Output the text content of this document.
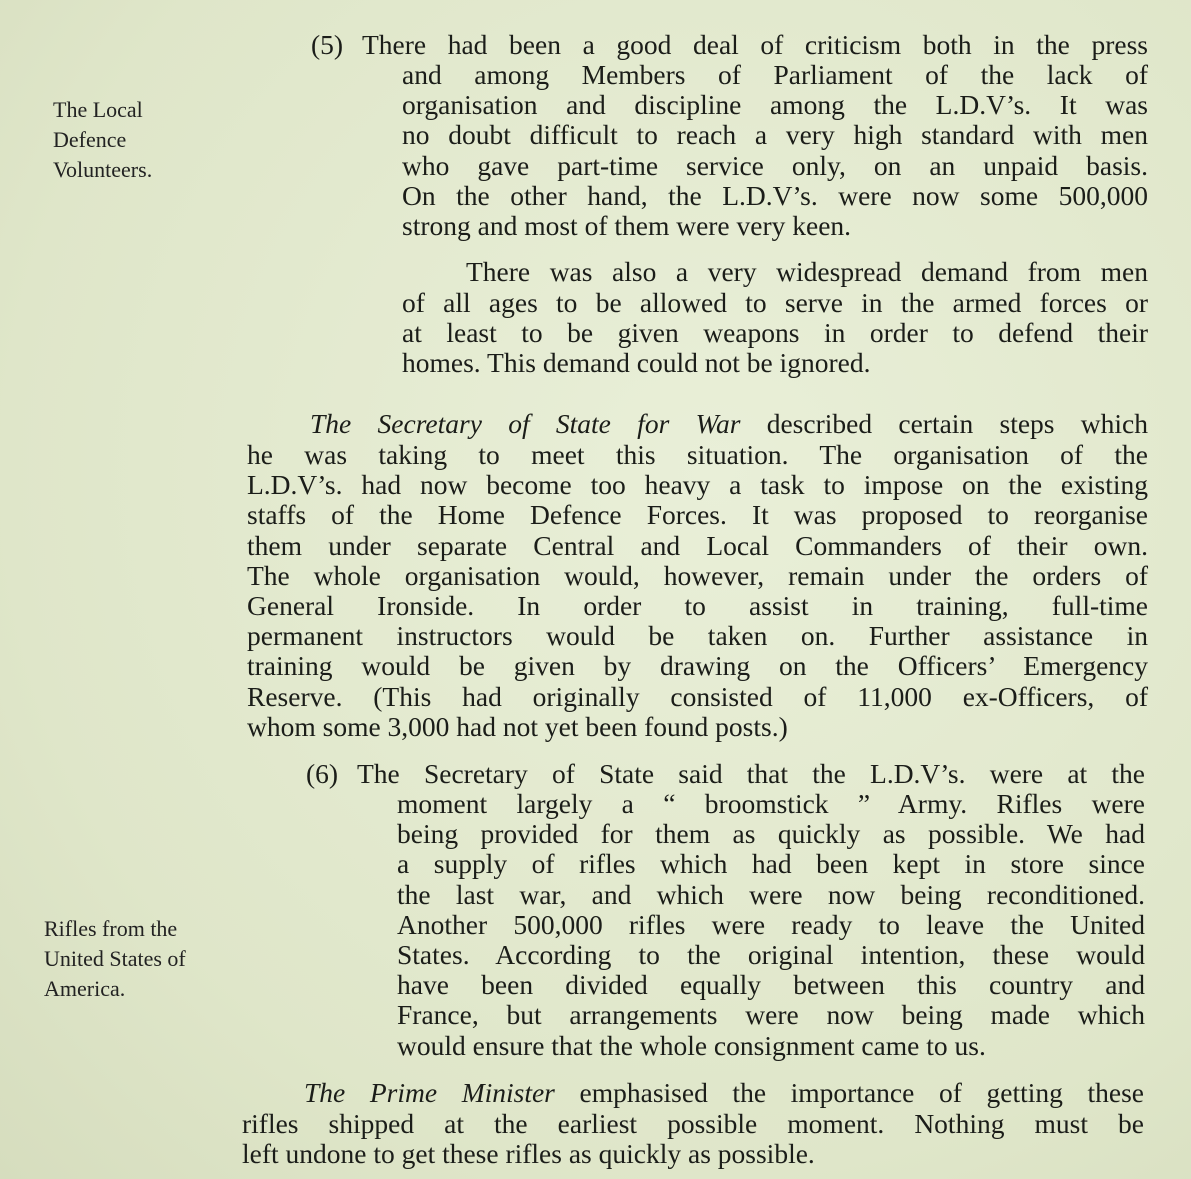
The Local
Defence
Volunteers.
Rifles from the
United States of
America.
(5) There had been a good deal of criticism both in the press
and among Members of Parliament of the lack of
organisation and discipline among the L.D.V’s. It was
no doubt difficult to reach a very high standard with men
who gave part-time service only, on an unpaid basis.
On the other hand, the L.D.V’s. were now some 500,000
strong and most of them were very keen.
There was also a very widespread demand from men
of all ages to be allowed to serve in the armed forces or
at least to be given weapons in order to defend their
homes. This demand could not be ignored.
The Secretary of State for War described certain steps which
he was taking to meet this situation. The organisation of the
L.D.V’s. had now become too heavy a task to impose on the existing
staffs of the Home Defence Forces. It was proposed to reorganise
them under separate Central and Local Commanders of their own.
The whole organisation would, however, remain under the orders of
General Ironside. In order to assist in training, full-time
permanent instructors would be taken on. Further assistance in
training would be given by drawing on the Officers’ Emergency
Reserve. (This had originally consisted of 11,000 ex-Officers, of
whom some 3,000 had not yet been found posts.)
(6) The Secretary of State said that the L.D.V’s. were at the
moment largely a “ broomstick ” Army. Rifles were
being provided for them as quickly as possible. We had
a supply of rifles which had been kept in store since
the last war, and which were now being reconditioned.
Another 500,000 rifles were ready to leave the United
States. According to the original intention, these would
have been divided equally between this country and
France, but arrangements were now being made which
would ensure that the whole consignment came to us.
The Prime Minister emphasised the importance of getting these
rifles shipped at the earliest possible moment. Nothing must be
left undone to get these rifles as quickly as possible.
